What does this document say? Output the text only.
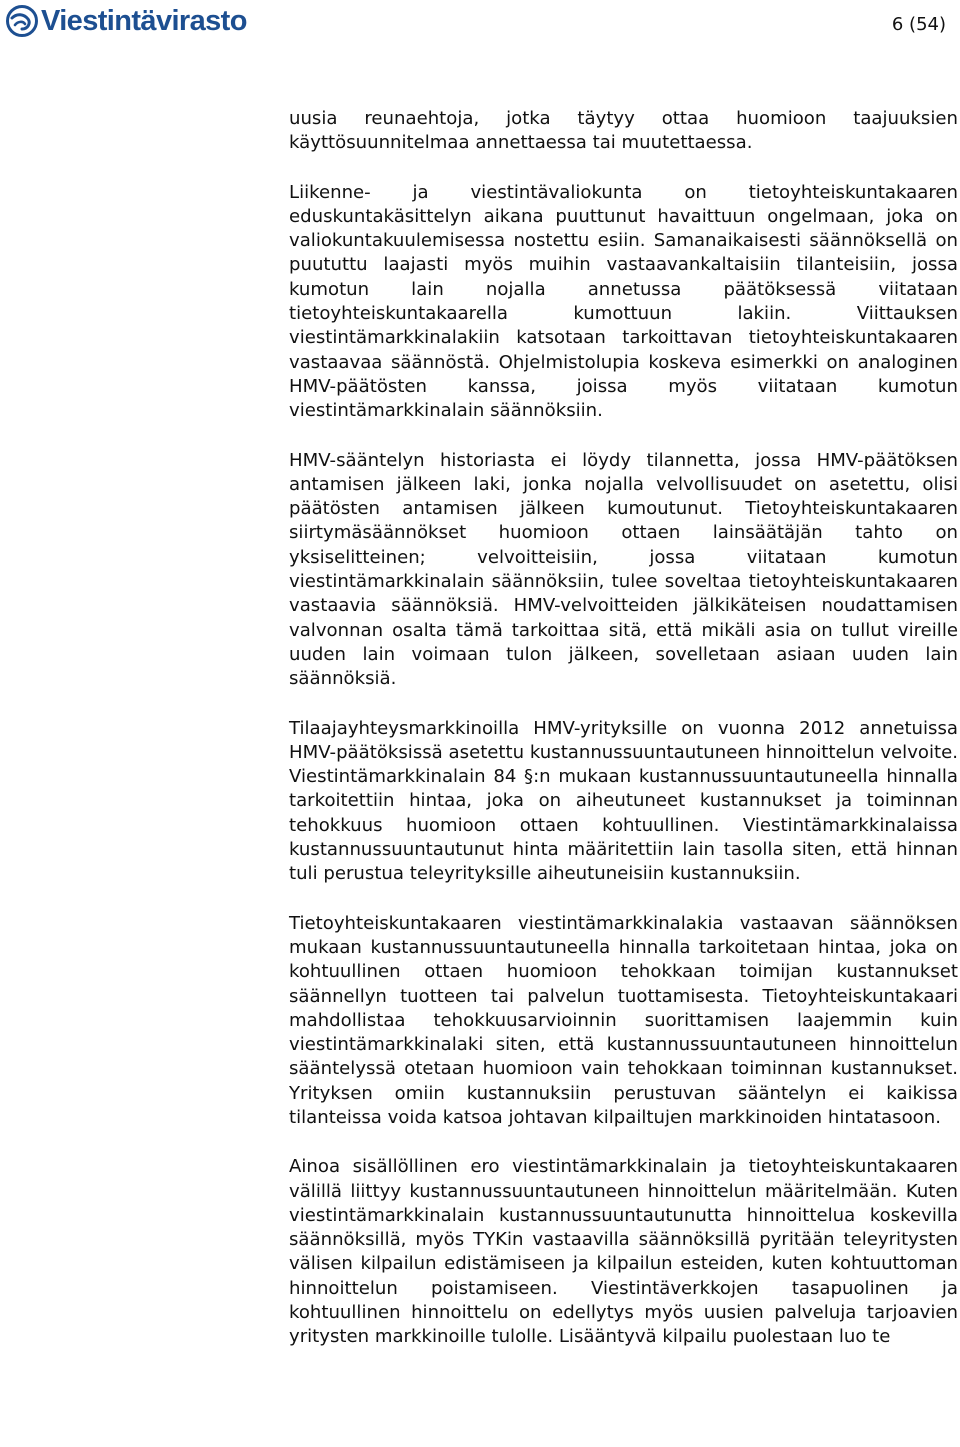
Viestintävirasto	6 (54)

uusia reunaehtoja, jotka täytyy ottaa huomioon taajuuksien käyttösuunnitelmaa annettaessa tai muutettaessa.

Liikenne- ja viestintävaliokunta on tietoyhteiskuntakaaren eduskuntakäsittelyn aikana puuttunut havaittuun ongelmaan, joka on valiokuntakuulemisessa nostettu esiin. Samanaikaisesti säännöksellä on puututtu laajasti myös muihin vastaavankaltaisiin tilanteisiin, jossa kumotun lain nojalla annetussa päätöksessä viitataan tietoyhteiskuntakaarella kumottuun lakiin. Viittauksen viestintämarkkinalakiin katsotaan tarkoittavan tietoyhteiskuntakaaren vastaavaa säännöstä. Ohjelmistolupia koskeva esimerkki on analoginen HMV-päätösten kanssa, joissa myös viitataan kumotun viestintämarkkinalain säännöksiin.

HMV-sääntelyn historiasta ei löydy tilannetta, jossa HMV-päätöksen antamisen jälkeen laki, jonka nojalla velvollisuudet on asetettu, olisi päätösten antamisen jälkeen kumoutunut. Tietoyhteiskuntakaaren siirtymäsäännökset huomioon ottaen lainsäätäjän tahto on yksiselitteinen; velvoitteisiin, jossa viitataan kumotun viestintämarkkinalain säännöksiin, tulee soveltaa tietoyhteiskuntakaaren vastaavia säännöksiä. HMV-velvoitteiden jälkikäteisen noudattamisen valvonnan osalta tämä tarkoittaa sitä, että mikäli asia on tullut vireille uuden lain voimaan tulon jälkeen, sovelletaan asiaan uuden lain säännöksiä.

Tilaajayhteysmarkkinoilla HMV-yrityksille on vuonna 2012 annetuissa HMV-päätöksissä asetettu kustannussuuntautuneen hinnoittelun velvoite. Viestintämarkkinalain 84 §:n mukaan kustannussuuntautuneella hinnalla tarkoitettiin hintaa, joka on aiheutuneet kustannukset ja toiminnan tehokkuus huomioon ottaen kohtuullinen. Viestintämarkkinalaissa kustannussuuntautunut hinta määritettiin lain tasolla siten, että hinnan tuli perustua teleyrityksille aiheutuneisiin kustannuksiin.

Tietoyhteiskuntakaaren viestintämarkkinalakia vastaavan säännöksen mukaan kustannussuuntautuneella hinnalla tarkoitetaan hintaa, joka on kohtuullinen ottaen huomioon tehokkaan toimijan kustannukset säännellyn tuotteen tai palvelun tuottamisesta. Tietoyhteiskuntakaari mahdollistaa tehokkuusarvioinnin suorittamisen laajemmin kuin viestintämarkkinalaki siten, että kustannussuuntautuneen hinnoittelun sääntelyssä otetaan huomioon vain tehokkaan toiminnan kustannukset. Yrityksen omiin kustannuksiin perustuvan sääntelyn ei kaikissa tilanteissa voida katsoa johtavan kilpailtujen markkinoiden hintatasoon.

Ainoa sisällöllinen ero viestintämarkkinalain ja tietoyhteiskuntakaaren välillä liittyy kustannussuuntautuneen hinnoittelun määritelmään. Kuten viestintämarkkinalain kustannussuuntautunutta hinnoittelua koskevilla säännöksillä, myös TYKin vastaavilla säännöksillä pyritään teleyritysten välisen kilpailun edistämiseen ja kilpailun esteiden, kuten kohtuuttoman hinnoittelun poistamiseen. Viestintäverkkojen tasapuolinen ja kohtuullinen hinnoittelu on edellytys myös uusien palveluja tarjoavien yritysten markkinoille tulolle. Lisääntyvä kilpailu puolestaan luo te
